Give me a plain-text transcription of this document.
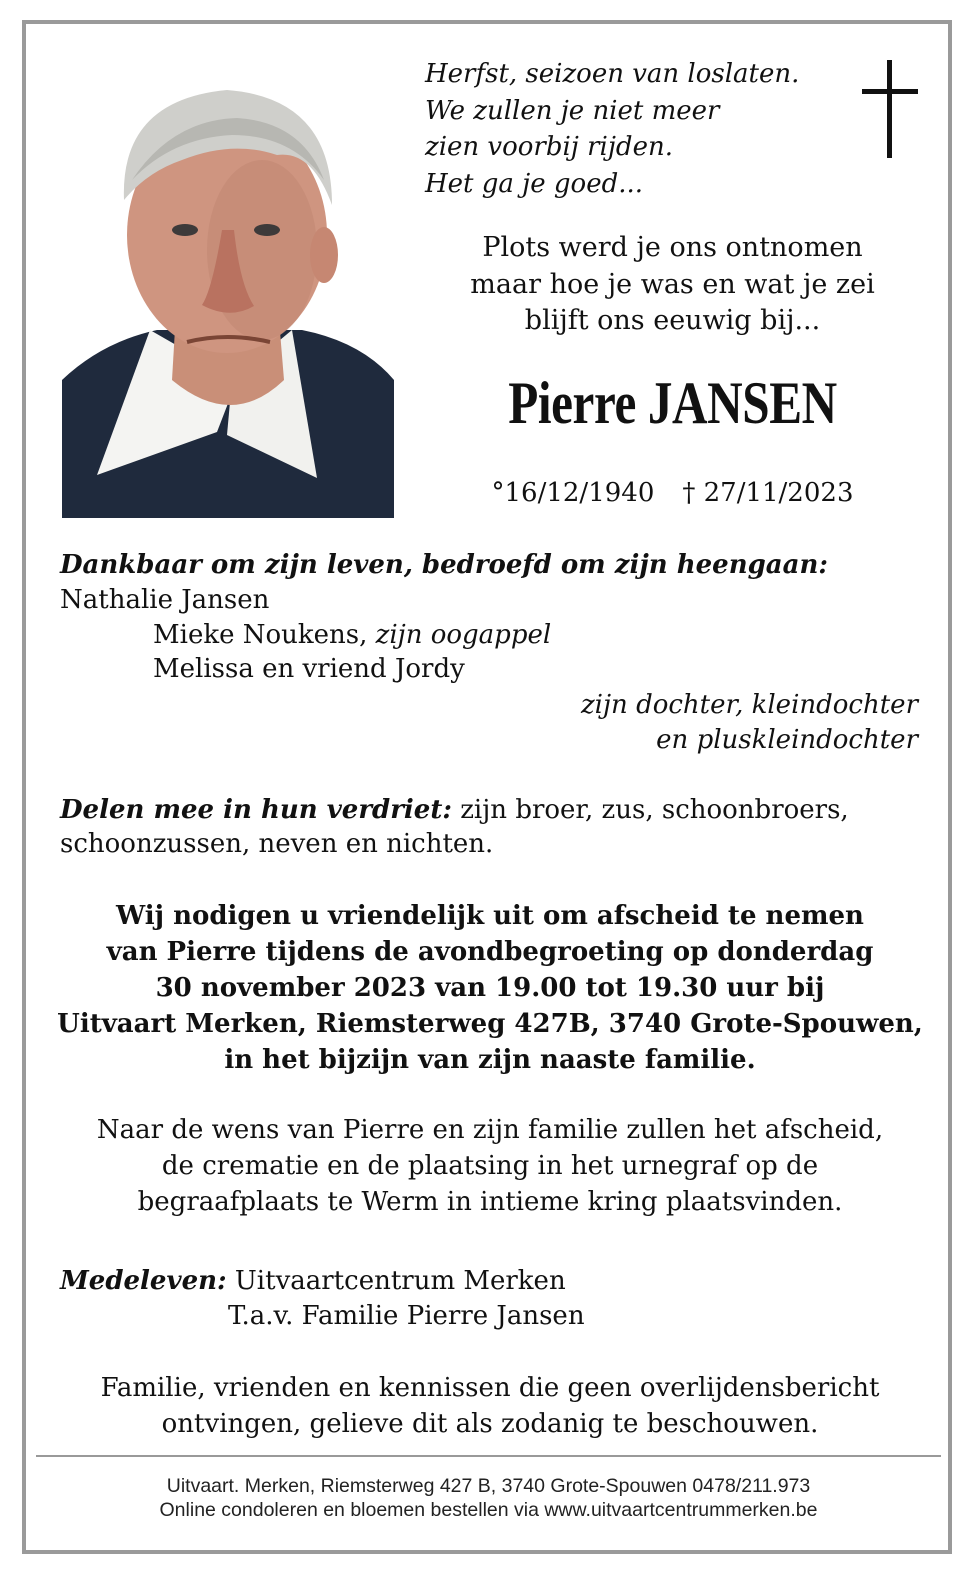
Herfst, seizoen van loslaten.
We zullen je niet meer
zien voorbij rijden.
Het ga je goed...
Plots werd je ons ontnomen
maar hoe je was en wat je zei
blijft ons eeuwig bij...
Pierre JANSEN
°16/12/1940 † 27/11/2023

Dankbaar om zijn leven, bedroefd om zijn heengaan:

Nathalie Jansen

Mieke Noukens, zijn oogappel

Melissa en vriend Jordy

zijn dochter, kleindochter

en pluskleindochter

Delen mee in hun verdriet: zijn broer, zus, schoonbroers, schoonzussen, neven en nichten.

Wij nodigen u vriendelijk uit om afscheid te nemen
van Pierre tijdens de avondbegroeting op donderdag
30 november 2023 van 19.00 tot 19.30 uur bij
Uitvaart Merken, Riemsterweg 427B, 3740 Grote-Spouwen,
in het bijzijn van zijn naaste familie.
Naar de wens van Pierre en zijn familie zullen het afscheid,
de crematie en de plaatsing in het urnegraf op de
begraafplaats te Werm in intieme kring plaatsvinden.

Medeleven: Uitvaartcentrum Merken

T.a.v. Familie Pierre Jansen

Familie, vrienden en kennissen die geen overlijdensbericht
ontvingen, gelieve dit als zodanig te beschouwen.
Uitvaart. Merken, Riemsterweg 427 B, 3740 Grote-Spouwen 0478/211.973
Online condoleren en bloemen bestellen via www.uitvaartcentrummerken.be
